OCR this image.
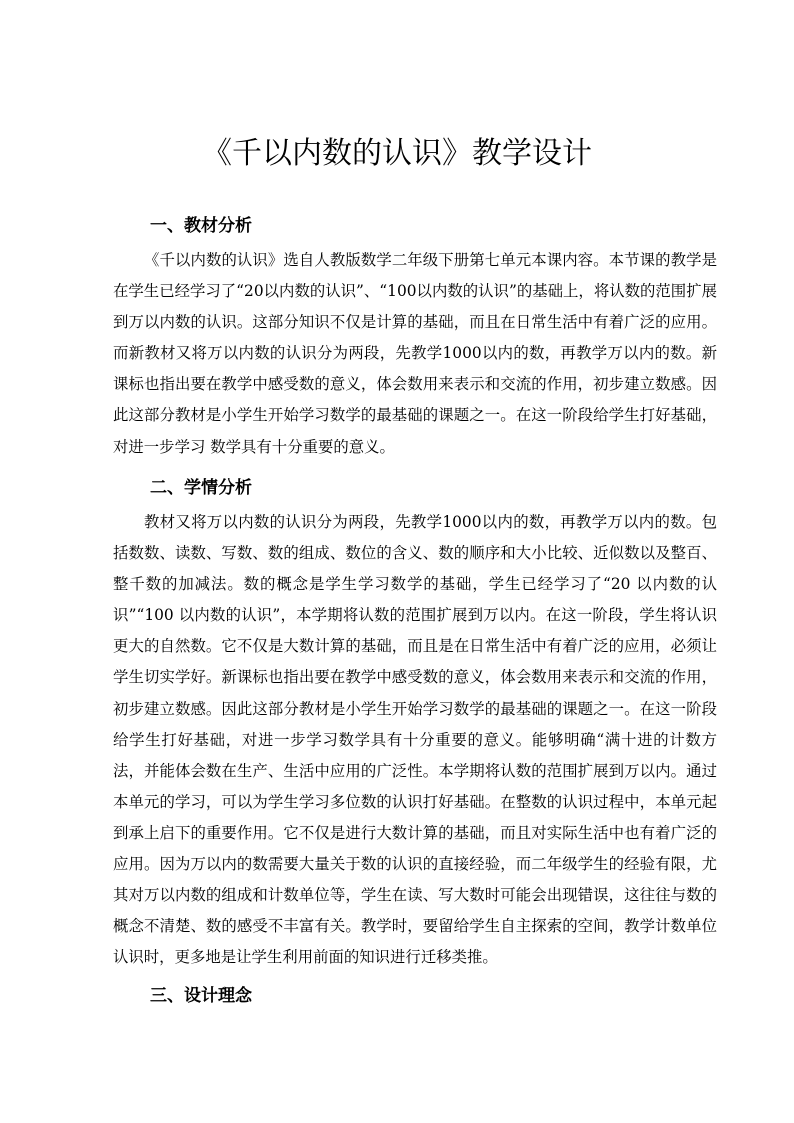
《千以内数的认识》教学设计
一、教材分析

《千以内数的认识》选自人教版数学二年级下册第七单元本课内容。本节课的教学是在学生已经学习了“20以内数的认识”、“100以内数的认识”的基础上，将认数的范围扩展到万以内数的认识。这部分知识不仅是计算的基础，而且在日常生活中有着广泛的应用。而新教材又将万以内数的认识分为两段，先教学1000以内的数，再教学万以内的数。新课标也指出要在教学中感受数的意义，体会数用来表示和交流的作用，初步建立数感。因此这部分教材是小学生开始学习数学的最基础的课题之一。在这一阶段给学生打好基础，对进一步学习 数学具有十分重要的意义。

二、学情分析

教材又将万以内数的认识分为两段，先教学1000以内的数，再教学万以内的数。包括数数、读数、写数、数的组成、数位的含义、数的顺序和大小比较、近似数以及整百、整千数的加减法。数的概念是学生学习数学的基础，学生已经学习了“20 以内数的认识”“100 以内数的认识”，本学期将认数的范围扩展到万以内。在这一阶段，学生将认识更大的自然数。它不仅是大数计算的基础，而且是在日常生活中有着广泛的应用，必须让学生切实学好。新课标也指出要在教学中感受数的意义，体会数用来表示和交流的作用，初步建立数感。因此这部分教材是小学生开始学习数学的最基础的课题之一。在这一阶段给学生打好基础，对进一步学习数学具有十分重要的意义。能够明确“满十进的计数方法，并能体会数在生产、生活中应用的广泛性。本学期将认数的范围扩展到万以内。通过本单元的学习，可以为学生学习多位数的认识打好基础。在整数的认识过程中，本单元起到承上启下的重要作用。它不仅是进行大数计算的基础，而且对实际生活中也有着广泛的应用。因为万以内的数需要大量关于数的认识的直接经验，而二年级学生的经验有限，尤其对万以内数的组成和计数单位等，学生在读、写大数时可能会出现错误，这往往与数的概念不清楚、数的感受不丰富有关。教学时，要留给学生自主探索的空间，教学计数单位认识时，更多地是让学生利用前面的知识进行迁移类推。

三、设计理念
